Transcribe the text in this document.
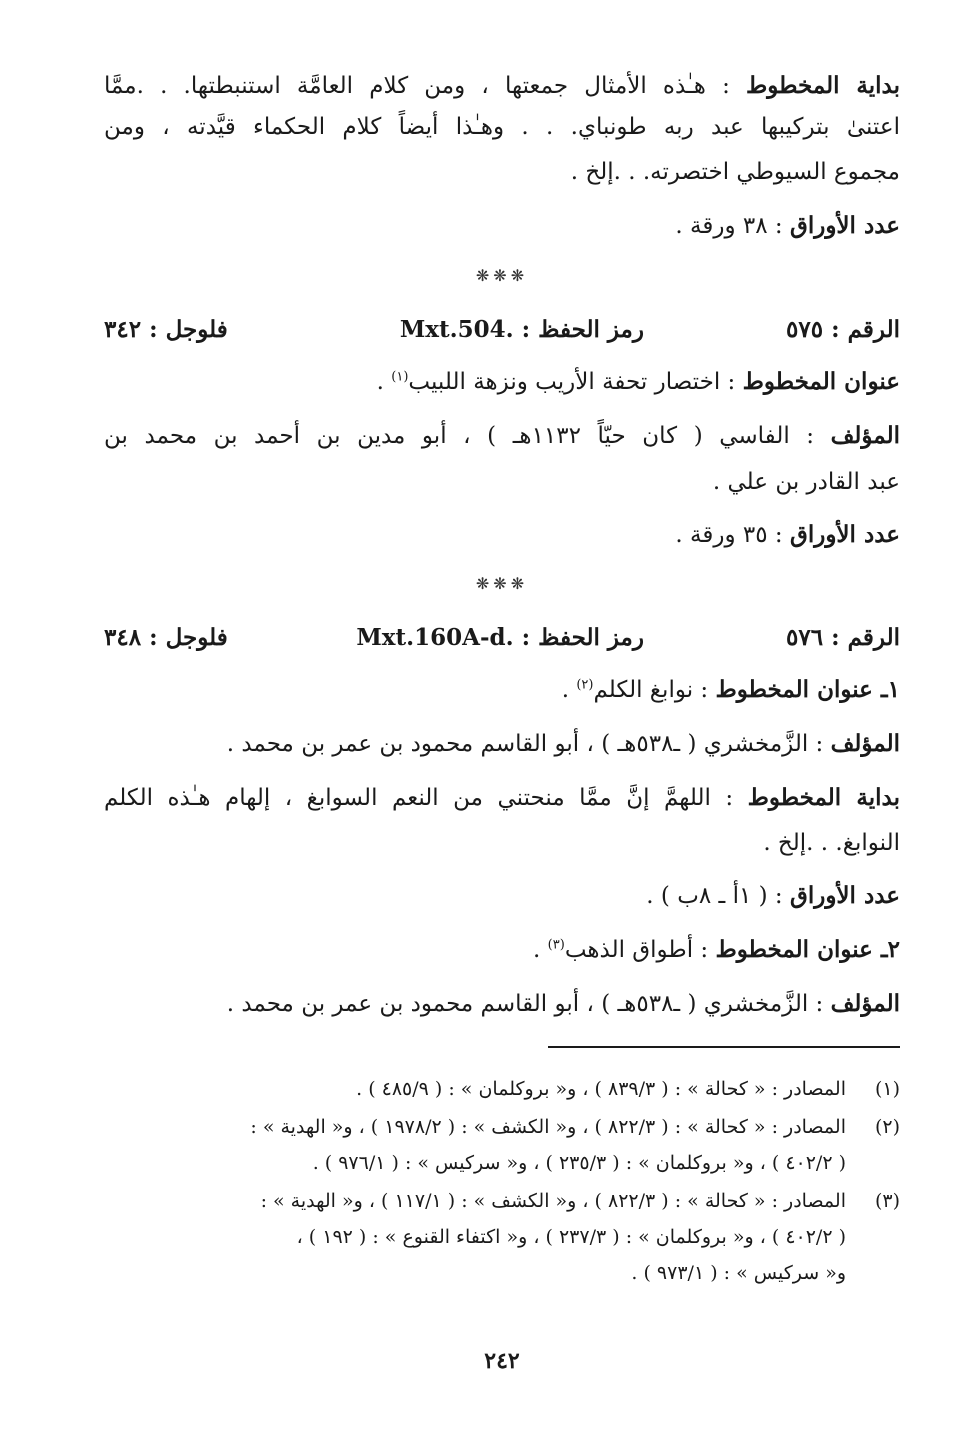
بداية المخطوط : هـٰذه الأمثال جمعتها ، ومن كلام العامَّة استنبطتها. . .ممَّا
اعتنىٰ بتركيبها عبد ربه طونباي. . . وهـٰذا أيضاً كلام الحكماء قيَّدته ، ومن
مجموع السيوطي اختصرته. . .إلخ .
عدد الأوراق : ٣٨ ورقة .
❋❋❋
الرقم : ٥٧٥
رمز الحفظ : .Mxt.504
فلوجل : ٣٤٢
عنوان المخطوط : اختصار تحفة الأريب ونزهة اللبيب$^{(١)}$ .
المؤلف : الفاسي ( كان حيّاً ١١٣٢هـ ) ، أبو مدين بن أحمد بن محمد بن
عبد القادر بن علي .
عدد الأوراق : ٣٥ ورقة .
❋❋❋
الرقم : ٥٧٦
رمز الحفظ : .Mxt.160A-d
فلوجل : ٣٤٨
١ـ عنوان المخطوط : نوابغ الكلم$^{(٢)}$ .
المؤلف : الزَّمخشري ( ـ٥٣٨هـ ) ، أبو القاسم محمود بن عمر بن محمد .
بداية المخطوط : اللهمَّ إنَّ ممَّا منحتني من النعم السوابغ ، إلهام هـٰذه الكلم
النوابغ. . .إلخ .
عدد الأوراق : ( ١أ ـ ٨ب ) .
٢ـ عنوان المخطوط : أطواق الذهب$^{(٣)}$ .
المؤلف : الزَّمخشري ( ـ٥٣٨هـ ) ، أبو القاسم محمود بن عمر بن محمد .
(١)
المصادر : « كحالة » : ( ٨٣٩/٣ ) ، و« بروكلمان » : ( ٤٨٥/٩ ) .
(٢)
المصادر : « كحالة » : ( ٨٢٢/٣ ) ، و« الكشف » : ( ١٩٧٨/٢ ) ، و« الهدية » :
( ٤٠٢/٢ ) ، و« بروكلمان » : ( ٢٣٥/٣ ) ، و« سركيس » : ( ٩٧٦/١ ) .
(٣)
المصادر : « كحالة » : ( ٨٢٢/٣ ) ، و« الكشف » : ( ١١٧/١ ) ، و« الهدية » :
( ٤٠٢/٢ ) ، و« بروكلمان » : ( ٢٣٧/٣ ) ، و« اكتفاء القنوع » : ( ١٩٢ ) ،
و« سركيس » : ( ٩٧٣/١ ) .
٢٤٢
